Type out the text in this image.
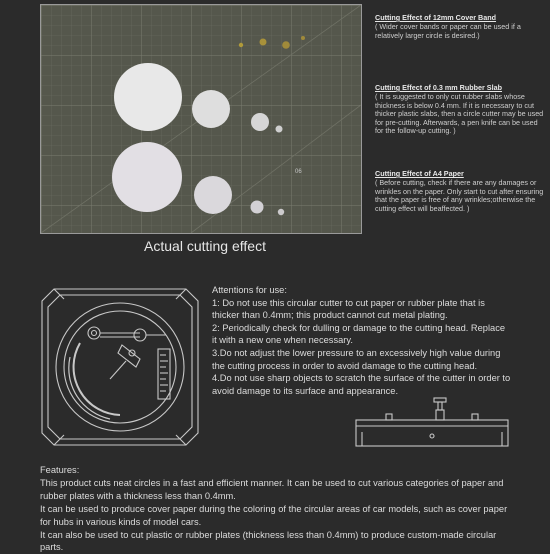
06
Actual cutting effect
Cutting Effect of 12mm Cover Band
( Wider cover bands or paper can be used if a relatively larger circle is desired.)
Cutting Effect of 0.3 mm Rubber Slab
( It is suggested to only cut rubber slabs whose thickness is below 0.4 mm. If it is necessary to cut thicker plastic slabs, then a circle cutter may be used for pre-cutting. Afterwards, a pen knife can be used for the follow-up cutting. )
Cutting Effect of A4 Paper
( Before cutting, check if there are any damages or wrinkles on the paper. Only start to cut after ensuring that the paper is free of any wrinkles;otherwise the cutting effect will beaffected. )

Attentions for use:

1: Do not use this circular cutter to cut paper or rubber plate that is thicker than 0.4mm; this product cannot cut metal plating.

2: Periodically check for dulling or damage to the cutting head. Replace it with a new one when necessary.

3.Do not adjust the lower pressure to an excessively high value during the cutting process in order to avoid damage to the cutting head.

4.Do not use sharp objects to scratch the surface of the cutter in order to avoid damage to its surface and appearance.

Features:

This product cuts neat circles in a fast and efficient manner. It can be used to cut various categories of paper and rubber plates with a thickness less than 0.4mm.

It can be used to produce cover paper during the coloring of the circular areas of car models, such as cover paper for hubs in various kinds of model cars.

It can also be used to cut plastic or rubber plates (thickness less than 0.4mm) to produce custom-made circular parts.
